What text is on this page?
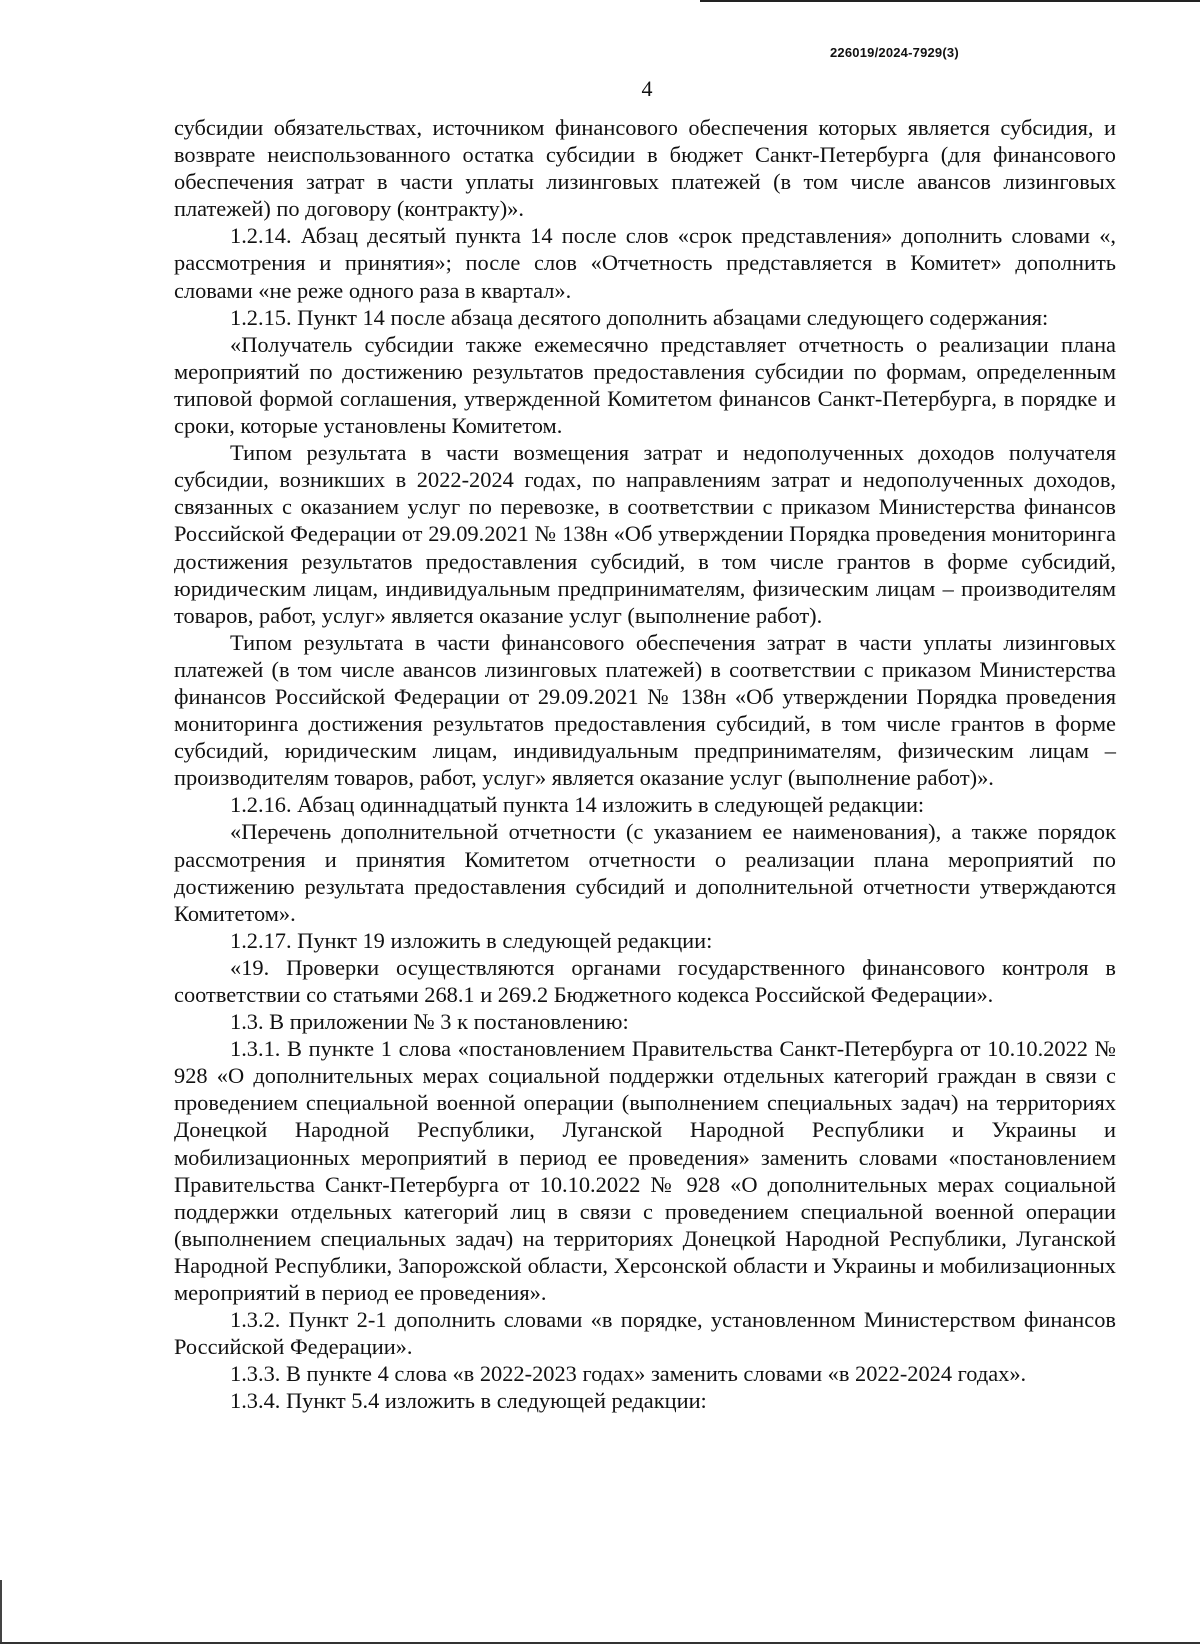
226019/2024-7929(3)
4

субсидии обязательствах, источником финансового обеспечения которых является субсидия, и возврате неиспользованного остатка субсидии в бюджет Санкт-Петербурга (для финансового обеспечения затрат в части уплаты лизинговых платежей (в том числе авансов лизинговых платежей) по договору (контракту)».

1.2.14. Абзац десятый пункта 14 после слов «срок представления» дополнить словами «, рассмотрения и принятия»; после слов «Отчетность представляется в Комитет» дополнить словами «не реже одного раза в квартал».

1.2.15. Пункт 14 после абзаца десятого дополнить абзацами следующего содержания:

«Получатель субсидии также ежемесячно представляет отчетность о реализации плана мероприятий по достижению результатов предоставления субсидии по формам, определенным типовой формой соглашения, утвержденной Комитетом финансов Санкт-Петербурга, в порядке и сроки, которые установлены Комитетом.

Типом результата в части возмещения затрат и недополученных доходов получателя субсидии, возникших в 2022-2024 годах, по направлениям затрат и недополученных доходов, связанных с оказанием услуг по перевозке, в соответствии с приказом Министерства финансов Российской Федерации от 29.09.2021 № 138н «Об утверждении Порядка проведения мониторинга достижения результатов предоставления субсидий, в том числе грантов в форме субсидий, юридическим лицам, индивидуальным предпринимателям, физическим лицам – производителям товаров, работ, услуг» является оказание услуг (выполнение работ).

Типом результата в части финансового обеспечения затрат в части уплаты лизинговых платежей (в том числе авансов лизинговых платежей) в соответствии с приказом Министерства финансов Российской Федерации от 29.09.2021 № 138н «Об утверждении Порядка проведения мониторинга достижения результатов предоставления субсидий, в том числе грантов в форме субсидий, юридическим лицам, индивидуальным предпринимателям, физическим лицам – производителям товаров, работ, услуг» является оказание услуг (выполнение работ)».

1.2.16. Абзац одиннадцатый пункта 14 изложить в следующей редакции:

«Перечень дополнительной отчетности (с указанием ее наименования), а также порядок рассмотрения и принятия Комитетом отчетности о реализации плана мероприятий по достижению результата предоставления субсидий и дополнительной отчетности утверждаются Комитетом».

1.2.17. Пункт 19 изложить в следующей редакции:

«19. Проверки осуществляются органами государственного финансового контроля в соответствии со статьями 268.1 и 269.2 Бюджетного кодекса Российской Федерации».

1.3. В приложении № 3 к постановлению:

1.3.1. В пункте 1 слова «постановлением Правительства Санкт-Петербурга от 10.10.2022 № 928 «О дополнительных мерах социальной поддержки отдельных категорий граждан в связи с проведением специальной военной операции (выполнением специальных задач) на территориях Донецкой Народной Республики, Луганской Народной Республики и Украины и мобилизационных мероприятий в период ее проведения» заменить словами «постановлением Правительства Санкт-Петербурга от 10.10.2022 № 928 «О дополнительных мерах социальной поддержки отдельных категорий лиц в связи с проведением специальной военной операции (выполнением специальных задач) на территориях Донецкой Народной Республики, Луганской Народной Республики, Запорожской области, Херсонской области и Украины и мобилизационных мероприятий в период ее проведения».

1.3.2. Пункт 2-1 дополнить словами «в порядке, установленном Министерством финансов Российской Федерации».

1.3.3. В пункте 4 слова «в 2022-2023 годах» заменить словами «в 2022-2024 годах».

1.3.4. Пункт 5.4 изложить в следующей редакции:
